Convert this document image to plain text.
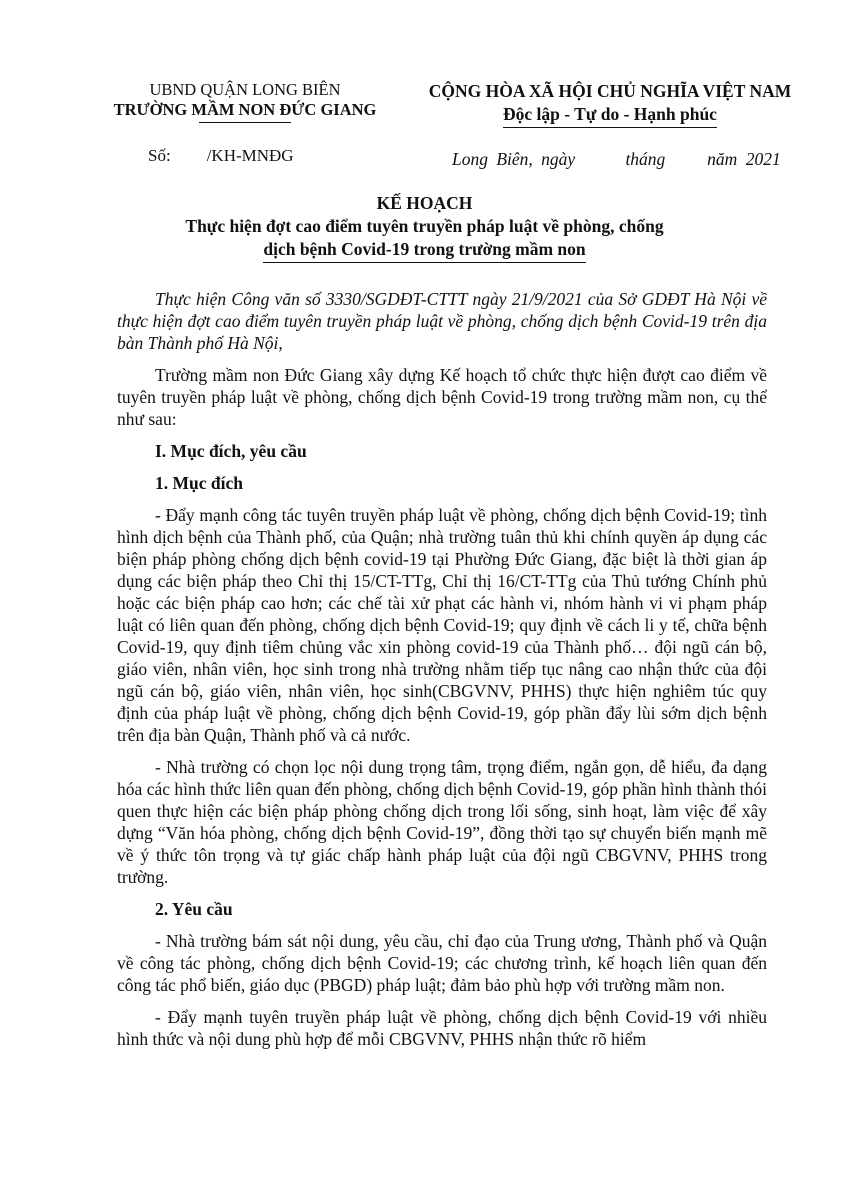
UBND QUẬN LONG BIÊN
TRƯỜNG MẦM NON ĐỨC GIANG
CỘNG HÒA XÃ HỘI CHỦ NGHĨA VIỆT NAM
Độc lập - Tự do - Hạnh phúc
Số: /KH-MNĐG	Long Biên, ngày      tháng     năm 2021
KẾ HOẠCH
Thực hiện đợt cao điểm tuyên truyền pháp luật về phòng, chống
dịch bệnh Covid-19 trong trường mầm non

Thực hiện Công văn số 3330/SGDĐT-CTTT ngày 21/9/2021 của Sở GDĐT Hà Nội về thực hiện đợt cao điểm tuyên truyền pháp luật về phòng, chống dịch bệnh Covid-19 trên địa bàn Thành phố Hà Nội,

Trường mầm non Đức Giang xây dựng Kế hoạch tổ chức thực hiện đượt cao điểm về tuyên truyền pháp luật về phòng, chống dịch bệnh Covid-19 trong trường mầm non, cụ thể như sau:

I. Mục đích, yêu cầu
1. Mục đích

- Đẩy mạnh công tác tuyên truyền pháp luật về phòng, chống dịch bệnh Covid-19; tình hình dịch bệnh của Thành phố, của Quận; nhà trường tuân thủ khi chính quyền áp dụng các biện pháp phòng chống dịch bệnh covid-19 tại Phường Đức Giang, đặc biệt là thời gian áp dụng các biện pháp theo Chỉ thị 15/CT-TTg, Chỉ thị 16/CT-TTg của Thủ tướng Chính phủ hoặc các biện pháp cao hơn; các chế tài xử phạt các hành vi, nhóm hành vi vi phạm pháp luật có liên quan đến phòng, chống dịch bệnh Covid-19; quy định về cách li y tế, chữa bệnh Covid-19, quy định tiêm chủng vắc xin phòng covid-19 của Thành phố… đội ngũ cán bộ, giáo viên, nhân viên, học sinh trong nhà trường nhằm tiếp tục nâng cao nhận thức của đội ngũ cán bộ, giáo viên, nhân viên, học sinh(CBGVNV, PHHS) thực hiện nghiêm túc quy định của pháp luật về phòng, chống dịch bệnh Covid-19, góp phần đẩy lùi sớm dịch bệnh trên địa bàn Quận, Thành phố và cả nước.

- Nhà trường có chọn lọc nội dung trọng tâm, trọng điểm, ngắn gọn, dễ hiểu, đa dạng hóa các hình thức liên quan đến phòng, chống dịch bệnh Covid-19, góp phần hình thành thói quen thực hiện các biện pháp phòng chống dịch trong lối sống, sinh hoạt, làm việc để xây dựng “Văn hóa phòng, chống dịch bệnh Covid-19”, đồng thời tạo sự chuyển biến mạnh mẽ về ý thức tôn trọng và tự giác chấp hành pháp luật của đội ngũ CBGVNV, PHHS trong trường.

2. Yêu cầu

- Nhà trường bám sát nội dung, yêu cầu, chỉ đạo của Trung ương, Thành phố và Quận về công tác phòng, chống dịch bệnh Covid-19; các chương trình, kế hoạch liên quan đến công tác phổ biến, giáo dục (PBGD) pháp luật; đảm bảo phù hợp với trường mầm non.

- Đẩy mạnh tuyên truyền pháp luật về phòng, chống dịch bệnh Covid-19 với nhiều hình thức và nội dung phù hợp để mỗi CBGVNV, PHHS nhận thức rõ hiểm
